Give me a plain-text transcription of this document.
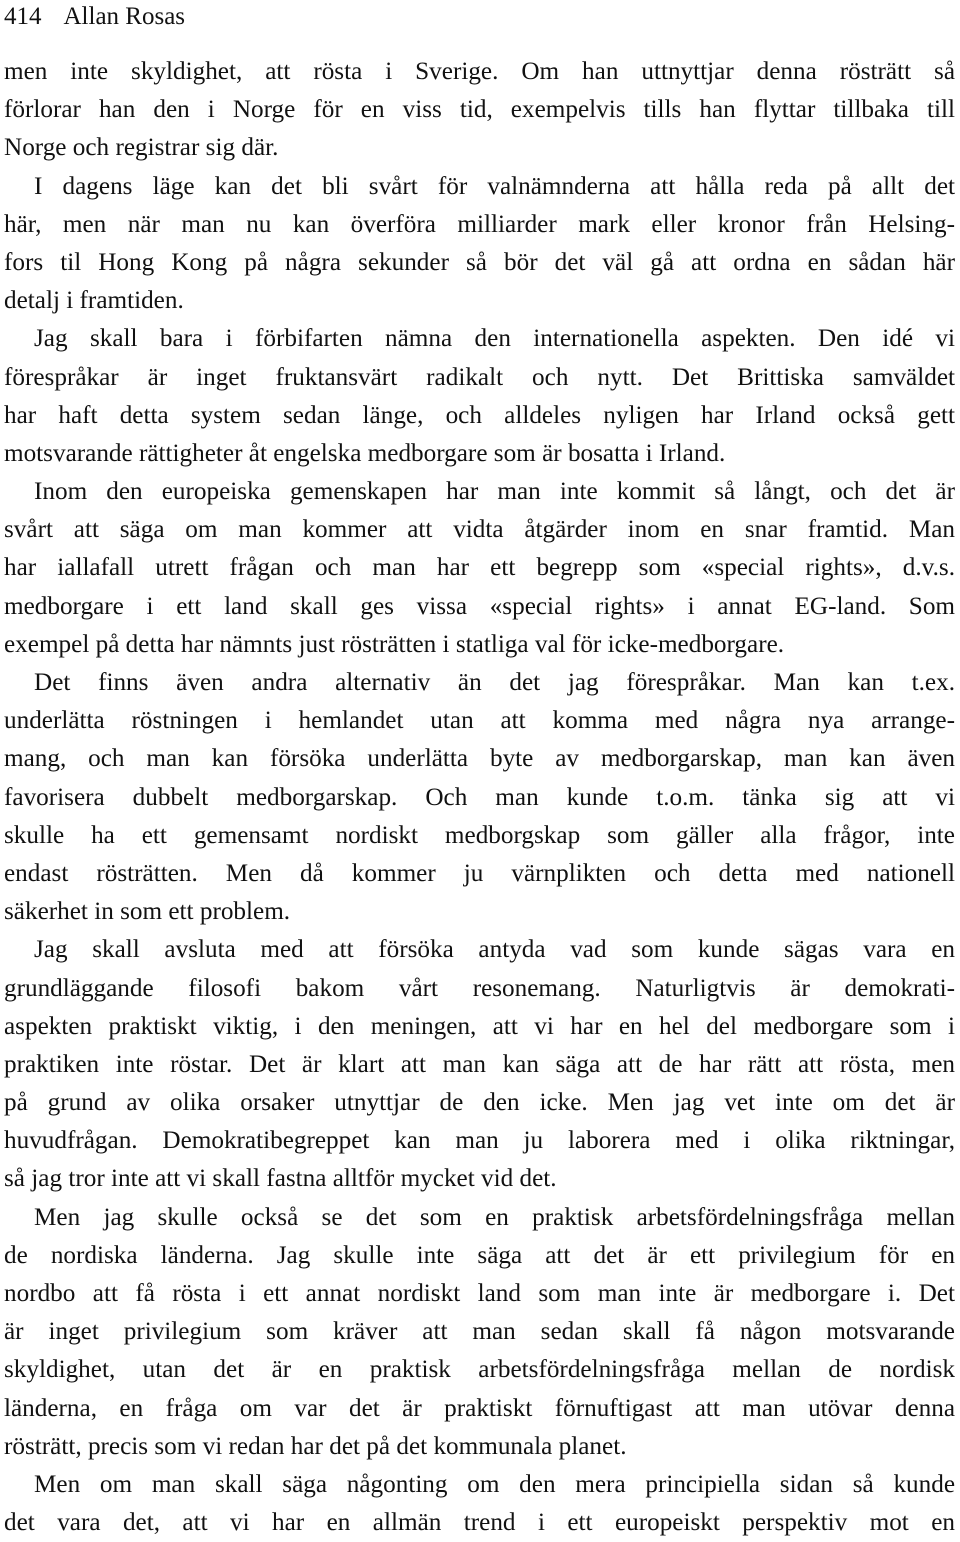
414 Allan Rosas
men inte skyldighet, att rösta i Sverige. Om han uttnyttjar denna rösträtt så
förlorar han den i Norge för en viss tid, exempelvis tills han flyttar tillbaka till
Norge och registrar sig där.
I dagens läge kan det bli svårt för valnämnderna att hålla reda på allt det
här, men när man nu kan överföra milliarder mark eller kronor från Helsing-
fors til Hong Kong på några sekunder så bör det väl gå att ordna en sådan här
detalj i framtiden.
Jag skall bara i förbifarten nämna den internationella aspekten. Den idé vi
förespråkar är inget fruktansvärt radikalt och nytt. Det Brittiska samväldet
har haft detta system sedan länge, och alldeles nyligen har Irland också gett
motsvarande rättigheter åt engelska medborgare som är bosatta i Irland.
Inom den europeiska gemenskapen har man inte kommit så långt, och det är
svårt att säga om man kommer att vidta åtgärder inom en snar framtid. Man
har iallafall utrett frågan och man har ett begrepp som «special rights», d.v.s.
medborgare i ett land skall ges vissa «special rights» i annat EG-land. Som
exempel på detta har nämnts just rösträtten i statliga val för icke-medborgare.
Det finns även andra alternativ än det jag förespråkar. Man kan t.ex.
underlätta röstningen i hemlandet utan att komma med några nya arrange-
mang, och man kan försöka underlätta byte av medborgarskap, man kan även
favorisera dubbelt medborgarskap. Och man kunde t.o.m. tänka sig att vi
skulle ha ett gemensamt nordiskt medborgskap som gäller alla frågor, inte
endast rösträtten. Men då kommer ju värnplikten och detta med nationell
säkerhet in som ett problem.
Jag skall avsluta med att försöka antyda vad som kunde sägas vara en
grundläggande filosofi bakom vårt resonemang. Naturligtvis är demokrati-
aspekten praktiskt viktig, i den meningen, att vi har en hel del medborgare som i
praktiken inte röstar. Det är klart att man kan säga att de har rätt att rösta, men
på grund av olika orsaker utnyttjar de den icke. Men jag vet inte om det är
huvudfrågan. Demokratibegreppet kan man ju laborera med i olika riktningar,
så jag tror inte att vi skall fastna alltför mycket vid det.
Men jag skulle också se det som en praktisk arbetsfördelningsfråga mellan
de nordiska länderna. Jag skulle inte säga att det är ett privilegium för en
nordbo att få rösta i ett annat nordiskt land som man inte är medborgare i. Det
är inget privilegium som kräver att man sedan skall få någon motsvarande
skyldighet, utan det är en praktisk arbetsfördelningsfråga mellan de nordisk
länderna, en fråga om var det är praktiskt förnuftigast att man utövar denna
rösträtt, precis som vi redan har det på det kommunala planet.
Men om man skall säga någonting om den mera principiella sidan så kunde
det vara det, att vi har en allmän trend i ett europeiskt perspektiv mot en
